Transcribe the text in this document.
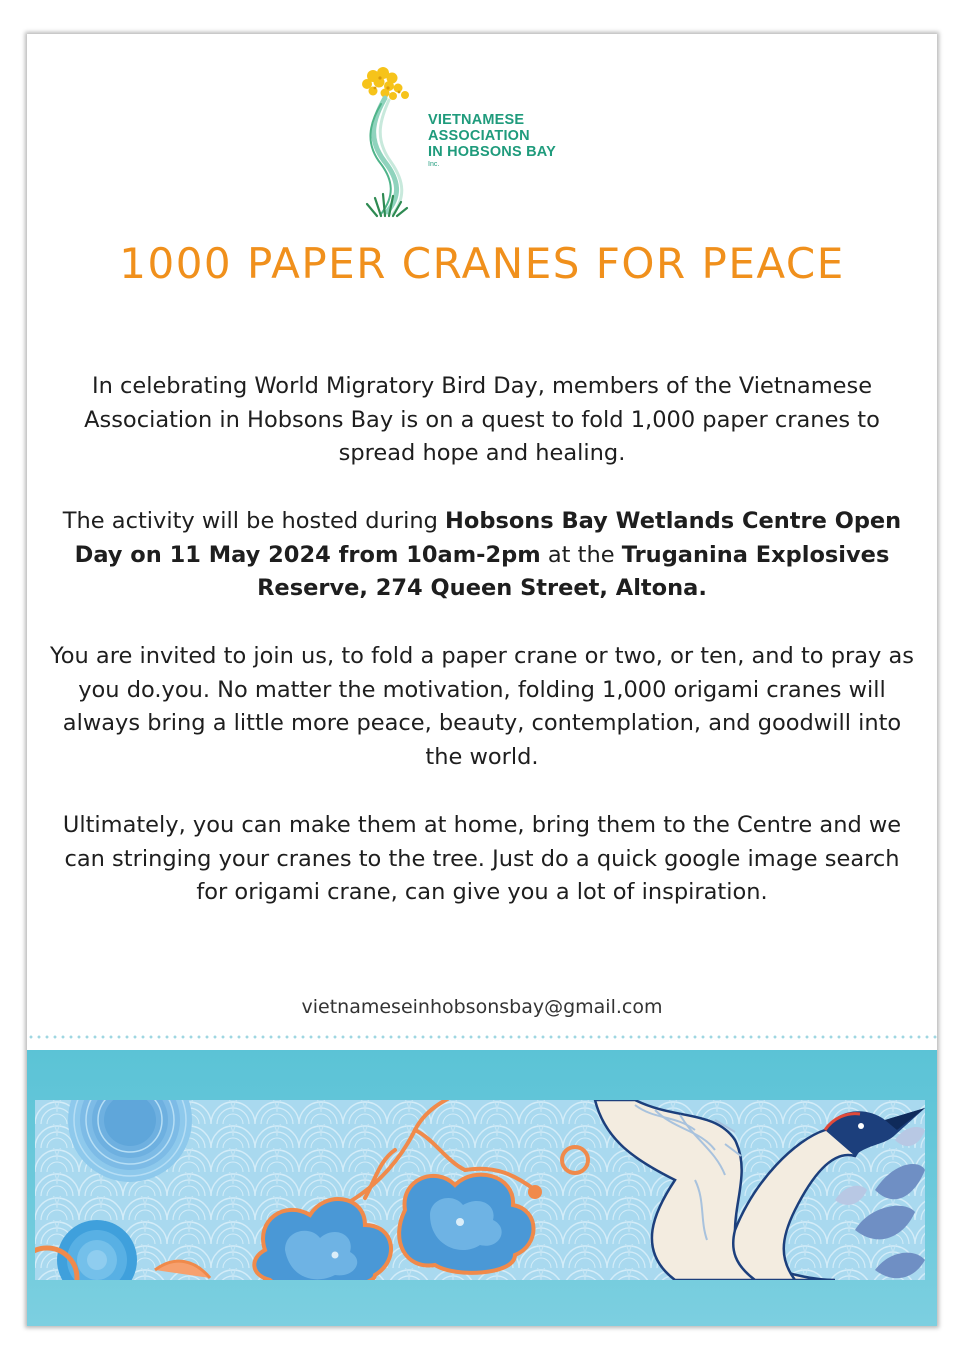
VIETNAMESE
ASSOCIATION
IN HOBSONS BAY
Inc.
1000 PAPER CRANES FOR PEACE
In celebrating World Migratory Bird Day, members of the Vietnamese Association in Hobsons Bay is on a quest to fold 1,000 paper cranes to spread hope and healing.
The activity will be hosted during Hobsons Bay Wetlands Centre Open Day on 11 May 2024 from 10am-2pm at the Truganina Explosives Reserve, 274 Queen Street, Altona.
You are invited to join us, to fold a paper crane or two, or ten, and to pray as you do.you. No matter the motivation, folding 1,000 origami cranes will always bring a little more peace, beauty, contemplation, and goodwill into the world.
Ultimately, you can make them at home, bring them to the Centre and we can stringing your cranes to the tree. Just do a quick google image search for origami crane, can give you a lot of inspiration.
vietnameseinhobsonsbay@gmail.com
